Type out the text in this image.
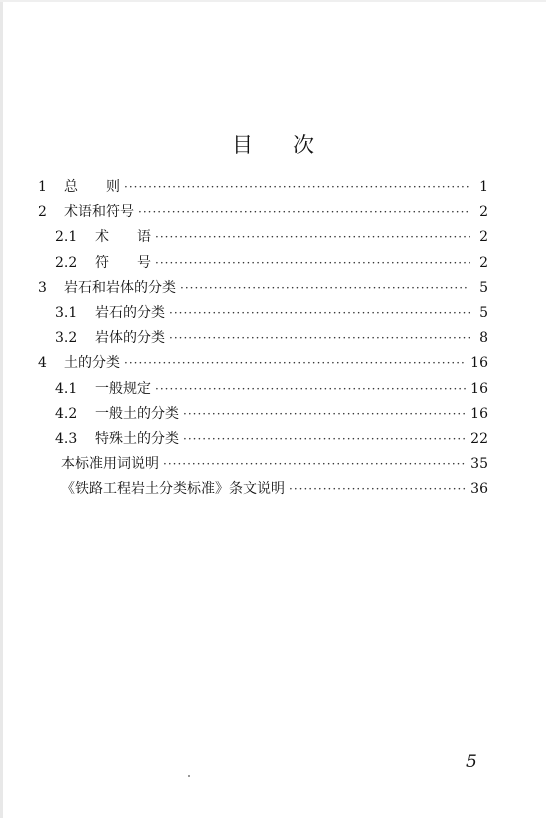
目 次
1	总　　则 ·····	1
2	术语和符号 ·····	2
2.1	术　　语 ·····	2
2.2	符　　号 ·····	2
3	岩石和岩体的分类 ·····	5
3.1	岩石的分类 ·····	5
3.2	岩体的分类 ·····	8
4	土的分类 ·····	16
4.1	一般规定 ·····	16
4.2	一般土的分类 ·····	16
4.3	特殊土的分类 ·····	22
本标准用词说明 ·····	35
《铁路工程岩土分类标准》条文说明 ·····	36
5
